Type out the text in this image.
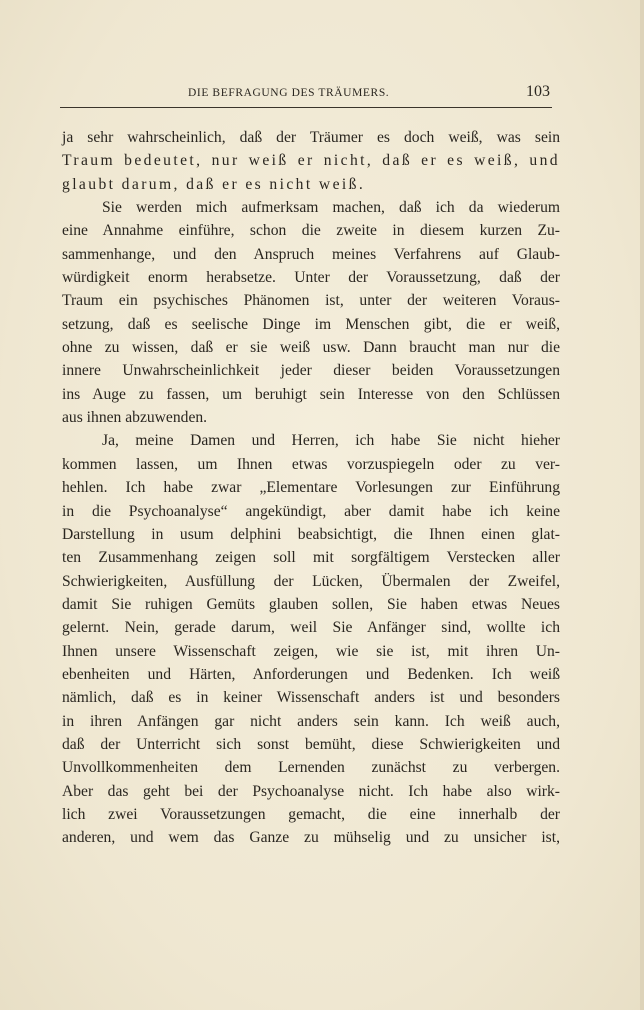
DIE BEFRAGUNG DES TRÄUMERS.	103
ja sehr wahrscheinlich, daß der Träumer es doch weiß, was sein
Traum bedeutet, nur weiß er nicht, daß er es weiß, und
glaubt darum, daß er es nicht weiß.
Sie werden mich aufmerksam machen, daß ich da wiederum
eine Annahme einführe, schon die zweite in diesem kurzen Zu-
sammenhange, und den Anspruch meines Verfahrens auf Glaub-
würdigkeit enorm herabsetze. Unter der Voraussetzung, daß der
Traum ein psychisches Phänomen ist, unter der weiteren Voraus-
setzung, daß es seelische Dinge im Menschen gibt, die er weiß,
ohne zu wissen, daß er sie weiß usw. Dann braucht man nur die
innere Unwahrscheinlichkeit jeder dieser beiden Voraussetzungen
ins Auge zu fassen, um beruhigt sein Interesse von den Schlüssen
aus ihnen abzuwenden.
Ja, meine Damen und Herren, ich habe Sie nicht hieher
kommen lassen, um Ihnen etwas vorzuspiegeln oder zu ver-
hehlen. Ich habe zwar „Elementare Vorlesungen zur Einführung
in die Psychoanalyse“ angekündigt, aber damit habe ich keine
Darstellung in usum delphini beabsichtigt, die Ihnen einen glat-
ten Zusammenhang zeigen soll mit sorgfältigem Verstecken aller
Schwierigkeiten, Ausfüllung der Lücken, Übermalen der Zweifel,
damit Sie ruhigen Gemüts glauben sollen, Sie haben etwas Neues
gelernt. Nein, gerade darum, weil Sie Anfänger sind, wollte ich
Ihnen unsere Wissenschaft zeigen, wie sie ist, mit ihren Un-
ebenheiten und Härten, Anforderungen und Bedenken. Ich weiß
nämlich, daß es in keiner Wissenschaft anders ist und besonders
in ihren Anfängen gar nicht anders sein kann. Ich weiß auch,
daß der Unterricht sich sonst bemüht, diese Schwierigkeiten und
Unvollkommenheiten dem Lernenden zunächst zu verbergen.
Aber das geht bei der Psychoanalyse nicht. Ich habe also wirk-
lich zwei Voraussetzungen gemacht, die eine innerhalb der
anderen, und wem das Ganze zu mühselig und zu unsicher ist,
